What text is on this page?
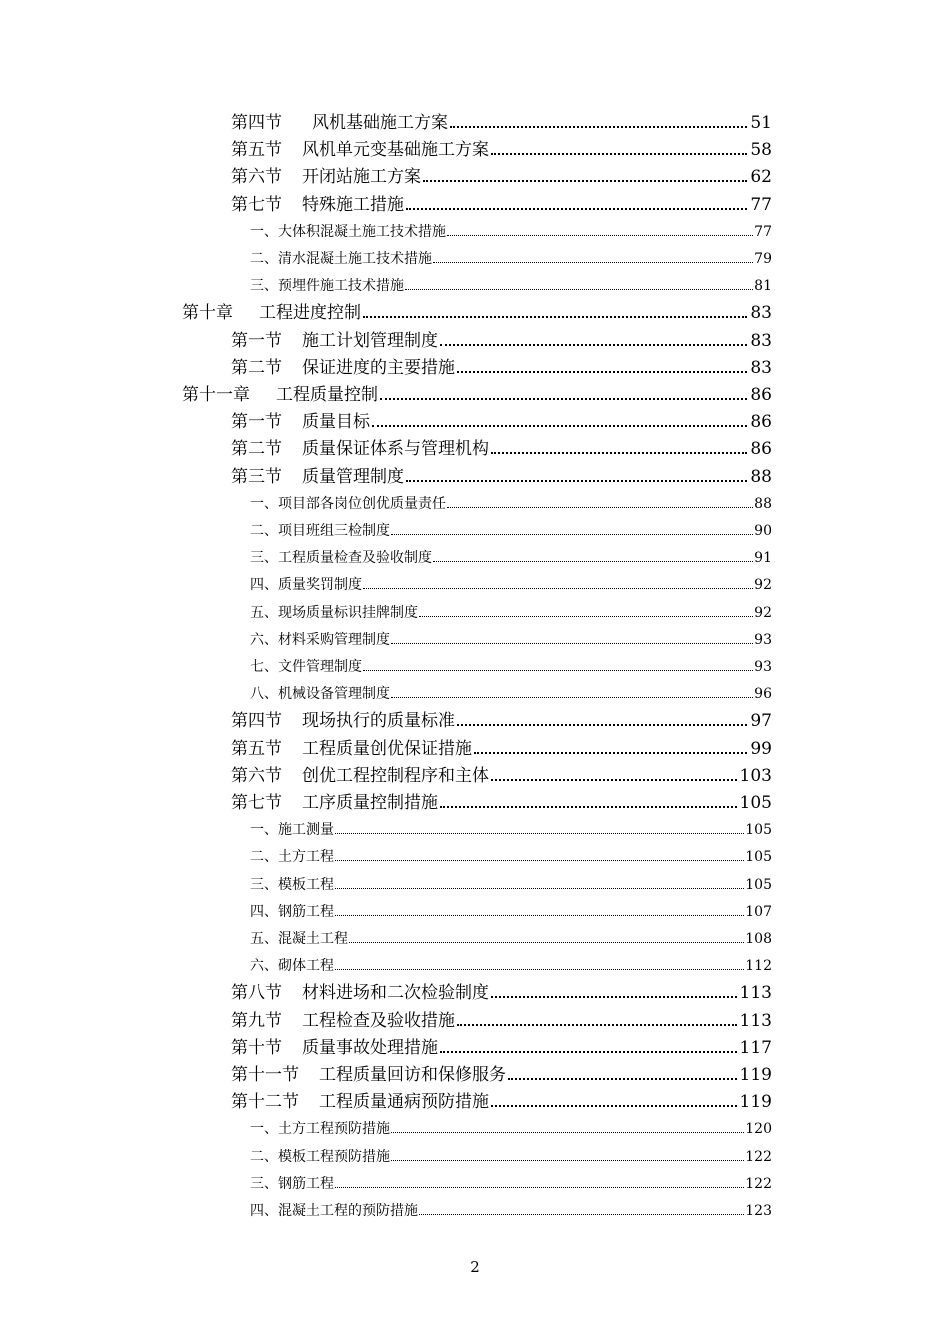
第四节 风机基础施工方案	51
第五节 风机单元变基础施工方案	58
第六节 开闭站施工方案	62
第七节 特殊施工措施	77
一、 大体积混凝土施工技术措施	77
二、 清水混凝土施工技术措施	79
三、 预埋件施工技术措施	81
第十章 工程进度控制	83
第一节 施工计划管理制度	83
第二节 保证进度的主要措施	83
第十一章 工程质量控制	86
第一节 质量目标	86
第二节 质量保证体系与管理机构	86
第三节 质量管理制度	88
一、 项目部各岗位创优质量责任	88
二、 项目班组三检制度	90
三、 工程质量检查及验收制度	91
四、 质量奖罚制度	92
五、 现场质量标识挂牌制度	92
六、 材料采购管理制度	93
七、 文件管理制度	93
八、 机械设备管理制度	96
第四节 现场执行的质量标准	97
第五节 工程质量创优保证措施	99
第六节 创优工程控制程序和主体	103
第七节 工序质量控制措施	105
一、 施工测量	105
二、 土方工程	105
三、 模板工程	105
四、 钢筋工程	107
五、 混凝土工程	108
六、 砌体工程	112
第八节 材料进场和二次检验制度	113
第九节 工程检查及验收措施	113
第十节 质量事故处理措施	117
第十一节 工程质量回访和保修服务	119
第十二节 工程质量通病预防措施	119
一、 土方工程预防措施	120
二、 模板工程预防措施	122
三、 钢筋工程	122
四、 混凝土工程的预防措施	123
2
